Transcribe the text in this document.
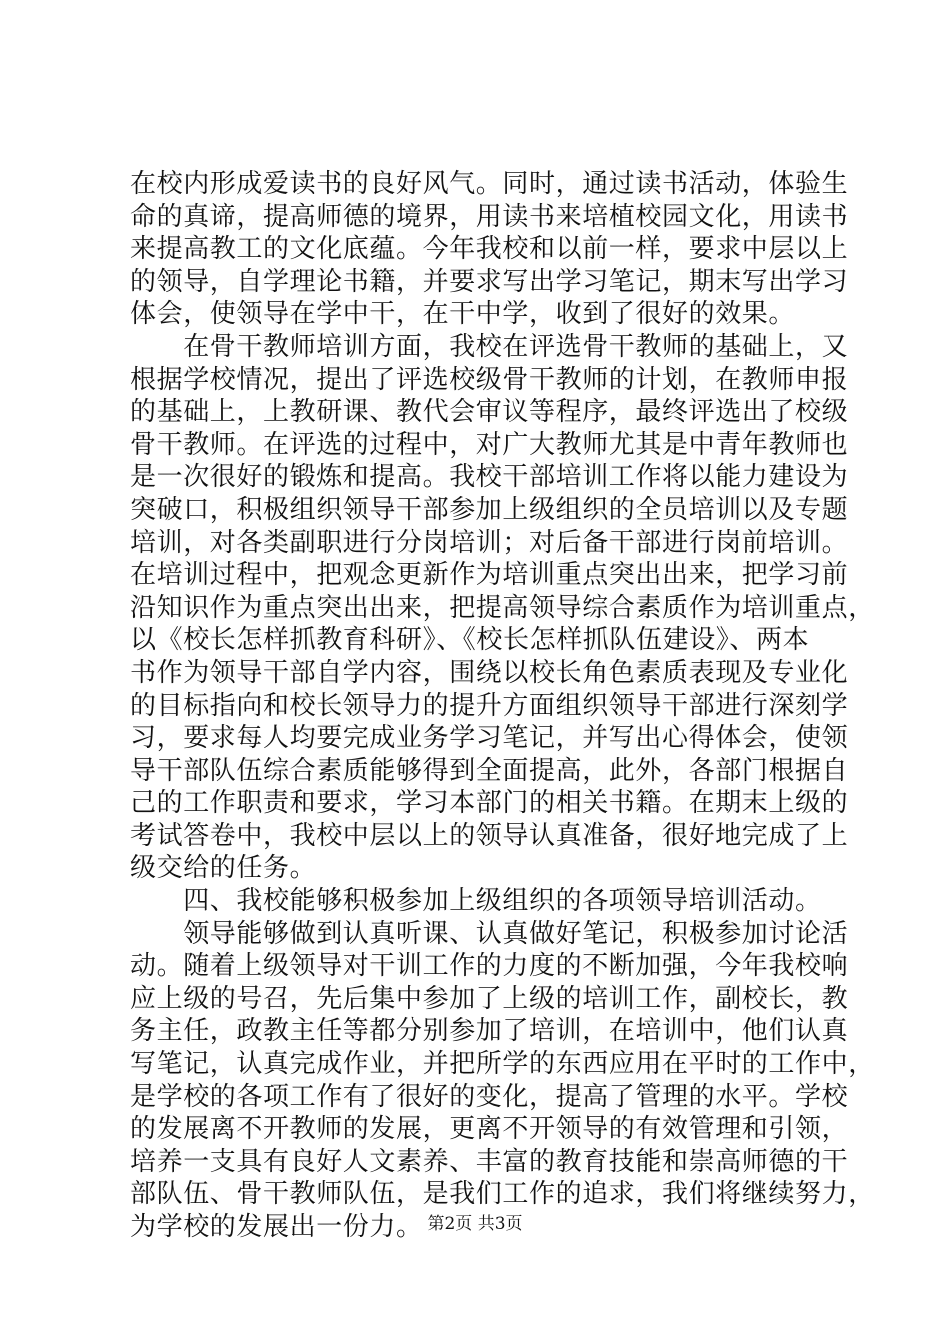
在校内形成爱读书的良好风气。同时，通过读书活动，体验生
命的真谛，提高师德的境界，用读书来培植校园文化，用读书
来提高教工的文化底蕴。今年我校和以前一样，要求中层以上
的领导，自学理论书籍，并要求写出学习笔记，期末写出学习
体会，使领导在学中干，在干中学，收到了很好的效果。
　　在骨干教师培训方面，我校在评选骨干教师的基础上，又
根据学校情况，提出了评选校级骨干教师的计划，在教师申报
的基础上，上教研课、教代会审议等程序，最终评选出了校级
骨干教师。在评选的过程中，对广大教师尤其是中青年教师也
是一次很好的锻炼和提高。我校干部培训工作将以能力建设为
突破口，积极组织领导干部参加上级组织的全员培训以及专题
培训，对各类副职进行分岗培训；对后备干部进行岗前培训。
在培训过程中，把观念更新作为培训重点突出出来，把学习前
沿知识作为重点突出出来，把提高领导综合素质作为培训重点，
以《校长怎样抓教育科研》、《校长怎样抓队伍建设》、两本
书作为领导干部自学内容，围绕以校长角色素质表现及专业化
的目标指向和校长领导力的提升方面组织领导干部进行深刻学
习，要求每人均要完成业务学习笔记，并写出心得体会，使领
导干部队伍综合素质能够得到全面提高，此外，各部门根据自
己的工作职责和要求，学习本部门的相关书籍。在期末上级的
考试答卷中，我校中层以上的领导认真准备，很好地完成了上
级交给的任务。
　　四、我校能够积极参加上级组织的各项领导培训活动。
　　领导能够做到认真听课、认真做好笔记，积极参加讨论活
动。随着上级领导对干训工作的力度的不断加强，今年我校响
应上级的号召，先后集中参加了上级的培训工作，副校长，教
务主任，政教主任等都分别参加了培训，在培训中，他们认真
写笔记，认真完成作业，并把所学的东西应用在平时的工作中，
是学校的各项工作有了很好的变化，提高了管理的水平。学校
的发展离不开教师的发展，更离不开领导的有效管理和引领，
培养一支具有良好人文素养、丰富的教育技能和崇高师德的干
部队伍、骨干教师队伍，是我们工作的追求，我们将继续努力，
为学校的发展出一份力。 第2页 共3页
